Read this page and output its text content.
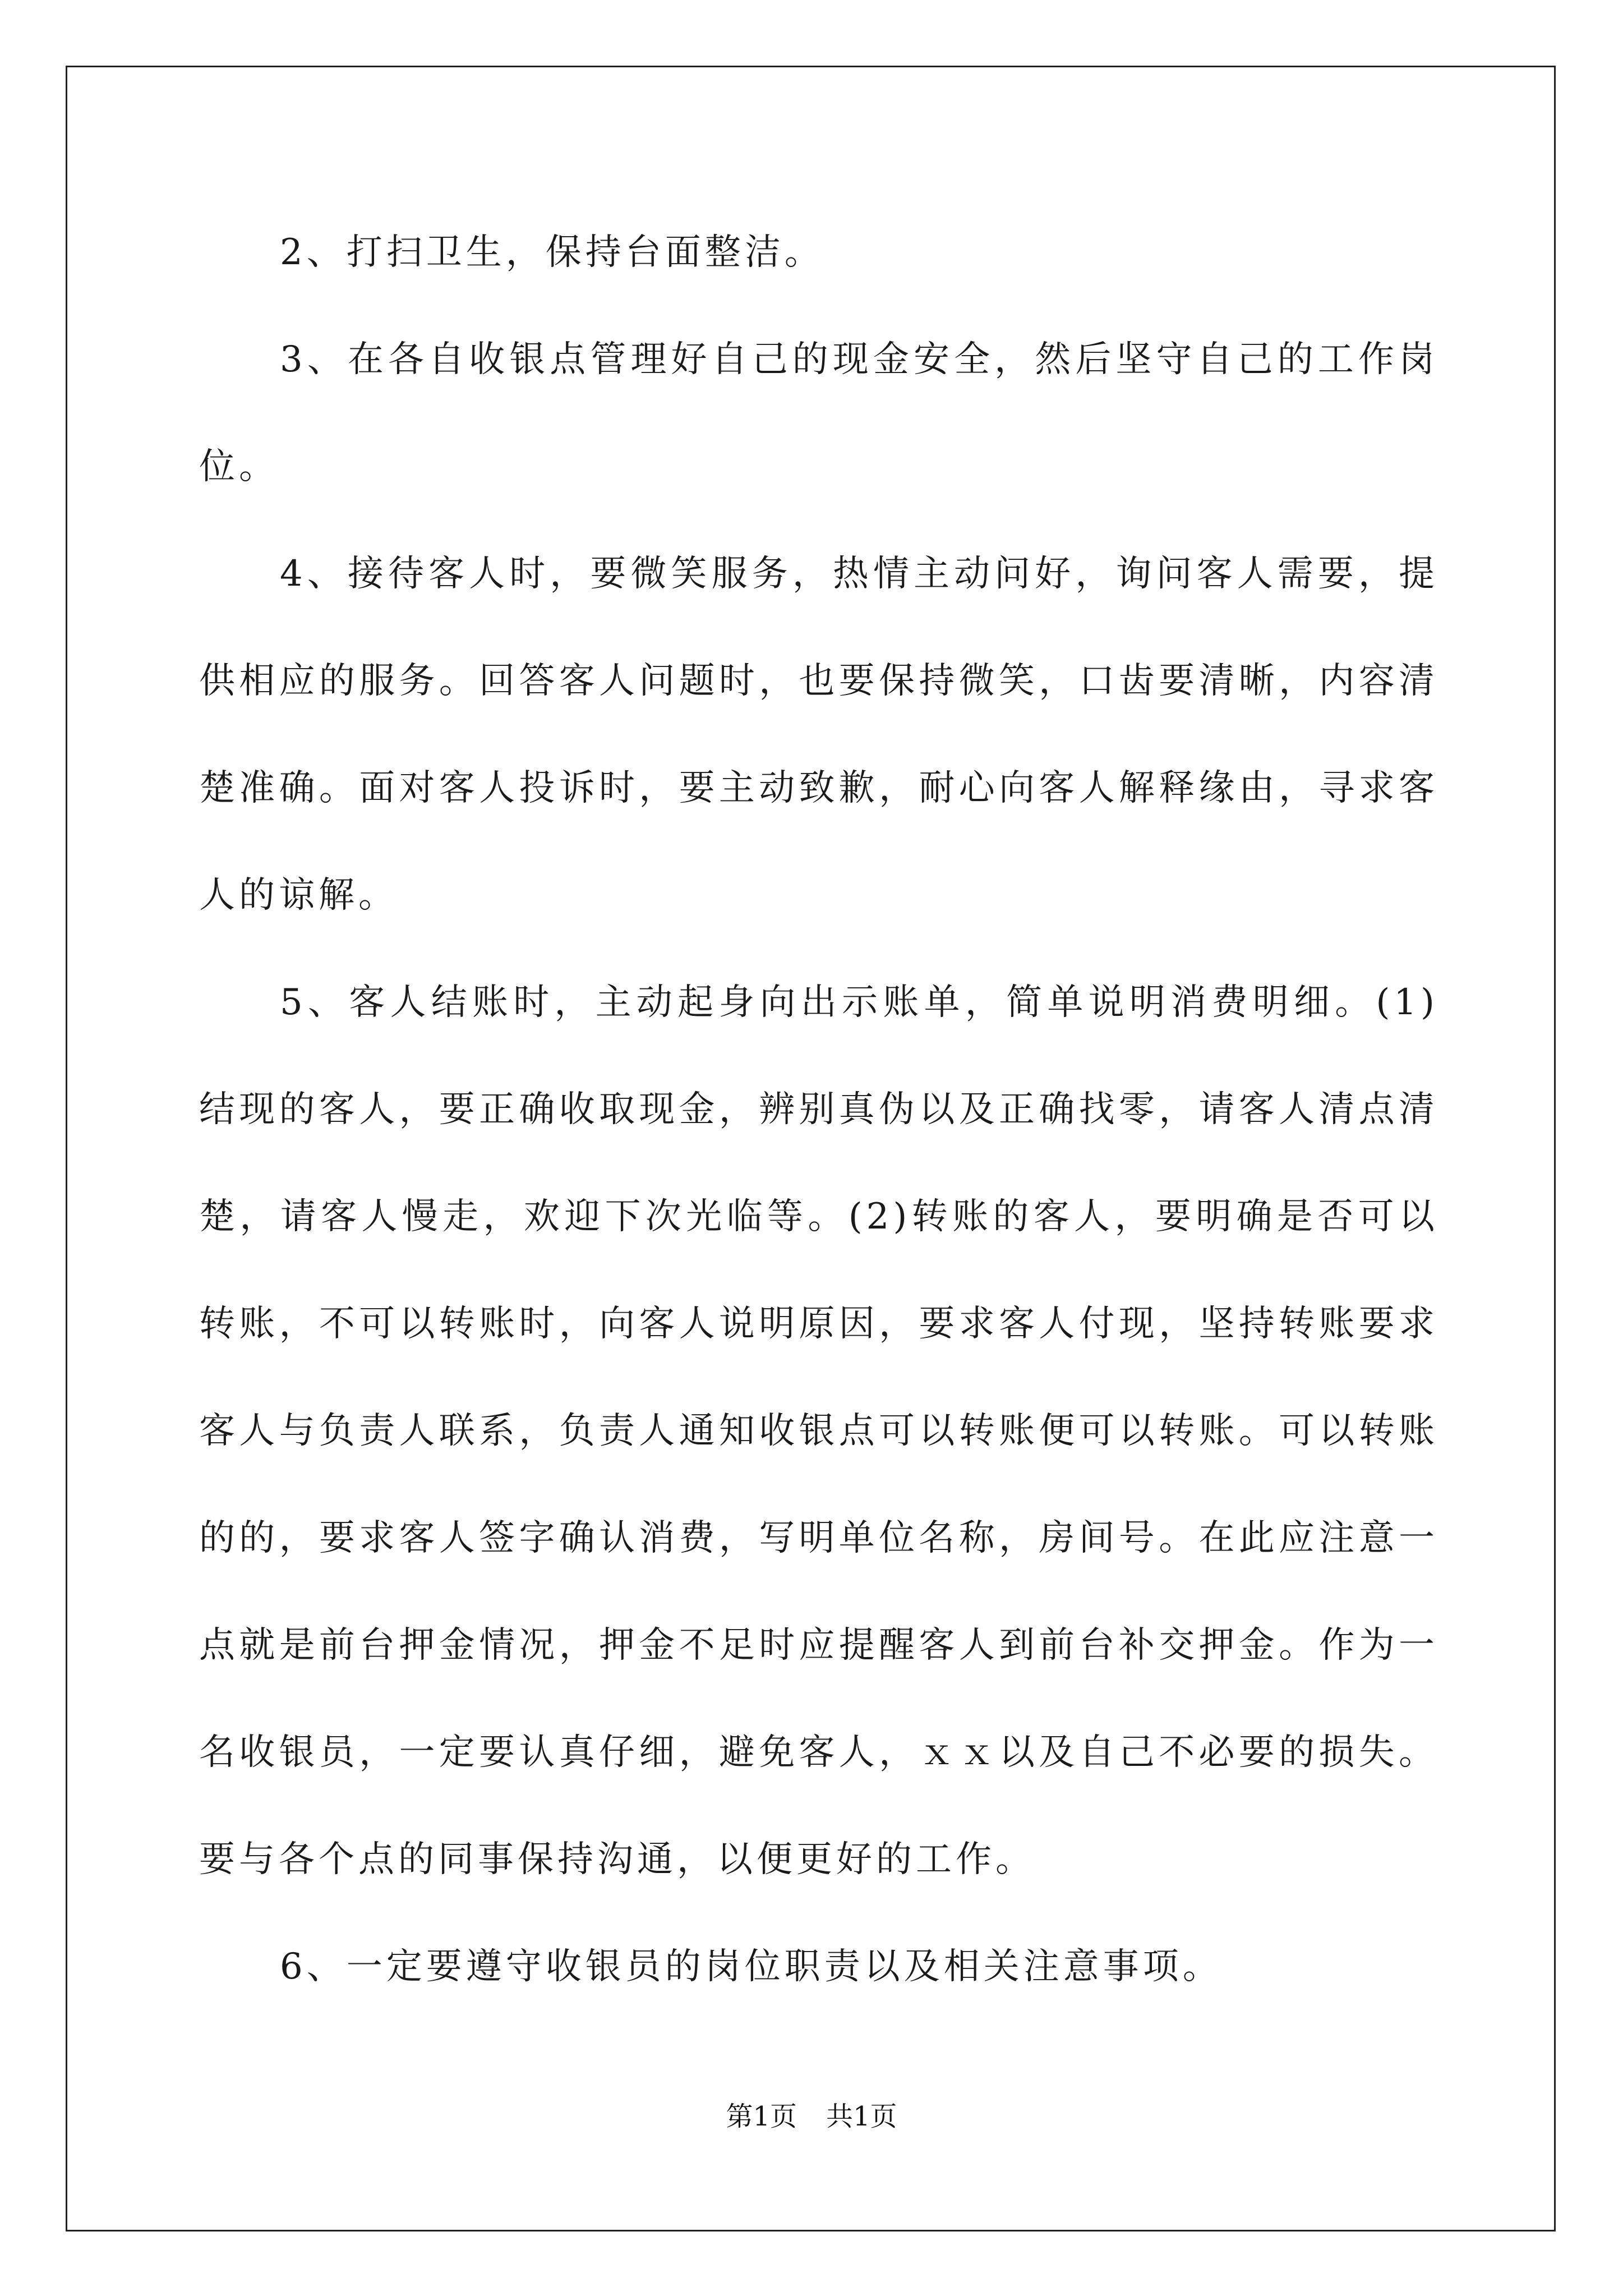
2、打扫卫生，保持台面整洁。

3、在各自收银点管理好自己的现金安全，然后坚守自己的工作岗位。

4、接待客人时，要微笑服务，热情主动问好，询问客人需要，提供相应的服务。回答客人问题时，也要保持微笑，口齿要清晰，内容清楚准确。面对客人投诉时，要主动致歉，耐心向客人解释缘由，寻求客人的谅解。

5、客人结账时，主动起身向出示账单，简单说明消费明细。(1)结现的客人，要正确收取现金，辨别真伪以及正确找零，请客人清点清楚，请客人慢走，欢迎下次光临等。(2)转账的客人，要明确是否可以转账，不可以转账时，向客人说明原因，要求客人付现，坚持转账要求客人与负责人联系，负责人通知收银点可以转账便可以转账。可以转账的的，要求客人签字确认消费，写明单位名称，房间号。在此应注意一点就是前台押金情况，押金不足时应提醒客人到前台补交押金。作为一名收银员，一定要认真仔细，避免客人，ｘｘ以及自己不必要的损失。要与各个点的同事保持沟通，以便更好的工作。

6、一定要遵守收银员的岗位职责以及相关注意事项。

第1页 共1页
